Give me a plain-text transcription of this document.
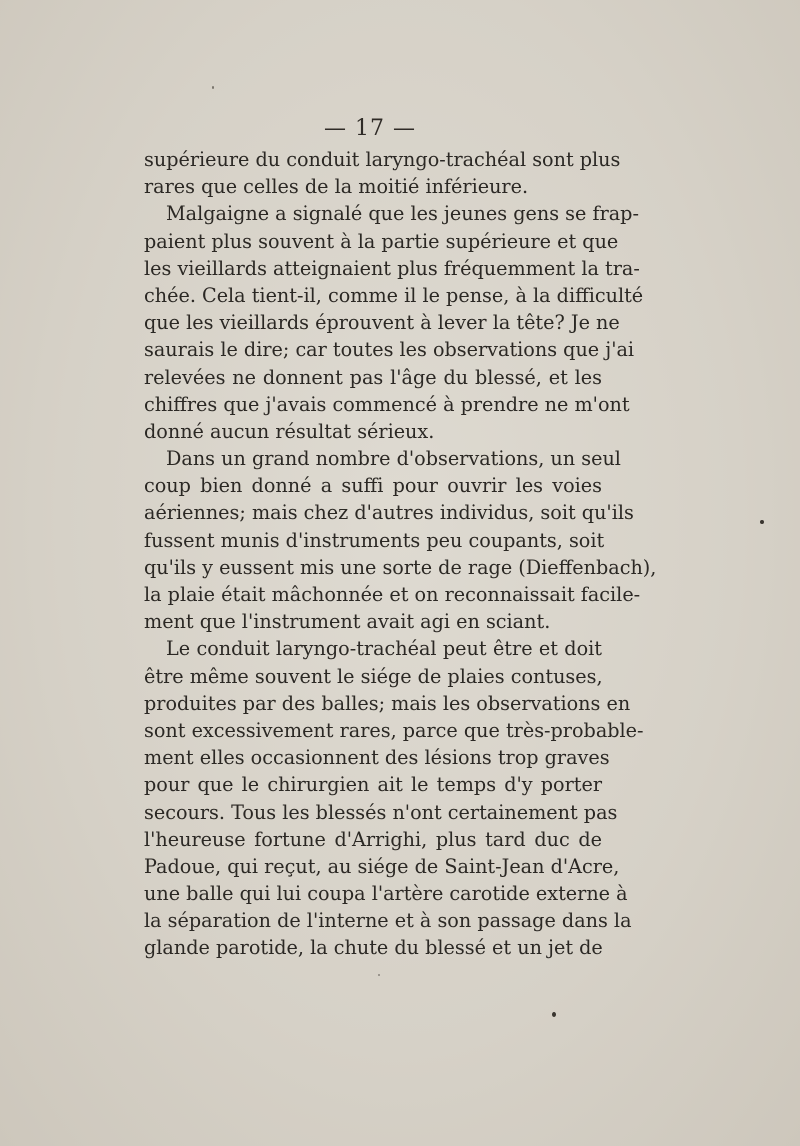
— 17 —
supérieure du conduit laryngo-trachéal sont plus
rares que celles de la moitié inférieure.
Malgaigne a signalé que les jeunes gens se frap-
paient plus souvent à la partie supérieure et que
les vieillards atteignaient plus fréquemment la tra-
chée. Cela tient-il, comme il le pense, à la difficulté
que les vieillards éprouvent à lever la tête? Je ne
saurais le dire; car toutes les observations que j'ai
relevées ne donnent pas l'âge du blessé, et les
chiffres que j'avais commencé à prendre ne m'ont
donné aucun résultat sérieux.
Dans un grand nombre d'observations, un seul
coup bien donné a suffi pour ouvrir les voies
aériennes; mais chez d'autres individus, soit qu'ils
fussent munis d'instruments peu coupants, soit
qu'ils y eussent mis une sorte de rage (Dieffenbach),
la plaie était mâchonnée et on reconnaissait facile-
ment que l'instrument avait agi en sciant.
Le conduit laryngo-trachéal peut être et doit
être même souvent le siége de plaies contuses,
produites par des balles; mais les observations en
sont excessivement rares, parce que très-probable-
ment elles occasionnent des lésions trop graves
pour que le chirurgien ait le temps d'y porter
secours. Tous les blessés n'ont certainement pas
l'heureuse fortune d'Arrighi, plus tard duc de
Padoue, qui reçut, au siége de Saint-Jean d'Acre,
une balle qui lui coupa l'artère carotide externe à
la séparation de l'interne et à son passage dans la
glande parotide, la chute du blessé et un jet de
